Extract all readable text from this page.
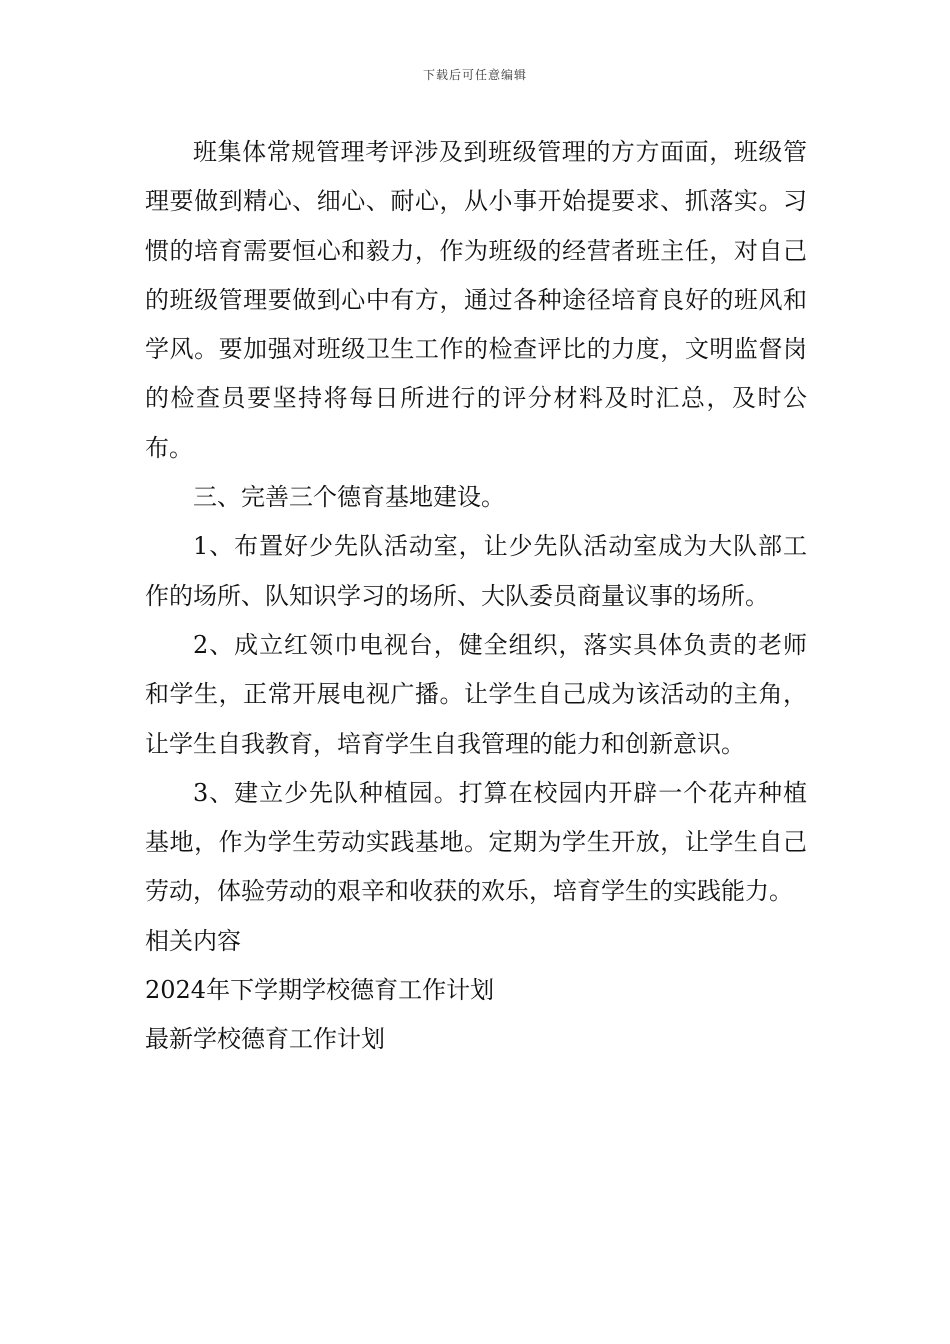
下载后可任意编辑

班集体常规管理考评涉及到班级管理的方方面面，班级管理要做到精心、细心、耐心，从小事开始提要求、抓落实。习惯的培育需要恒心和毅力，作为班级的经营者班主任，对自己的班级管理要做到心中有方，通过各种途径培育良好的班风和学风。要加强对班级卫生工作的检查评比的力度，文明监督岗的检查员要坚持将每日所进行的评分材料及时汇总，及时公布。

三、完善三个德育基地建设。

1、布置好少先队活动室，让少先队活动室成为大队部工作的场所、队知识学习的场所、大队委员商量议事的场所。

2、成立红领巾电视台，健全组织，落实具体负责的老师和学生，正常开展电视广播。让学生自己成为该活动的主角，让学生自我教育，培育学生自我管理的能力和创新意识。

3、建立少先队种植园。打算在校园内开辟一个花卉种植基地，作为学生劳动实践基地。定期为学生开放，让学生自己劳动，体验劳动的艰辛和收获的欢乐，培育学生的实践能力。

相关内容

2024年下学期学校德育工作计划

最新学校德育工作计划
